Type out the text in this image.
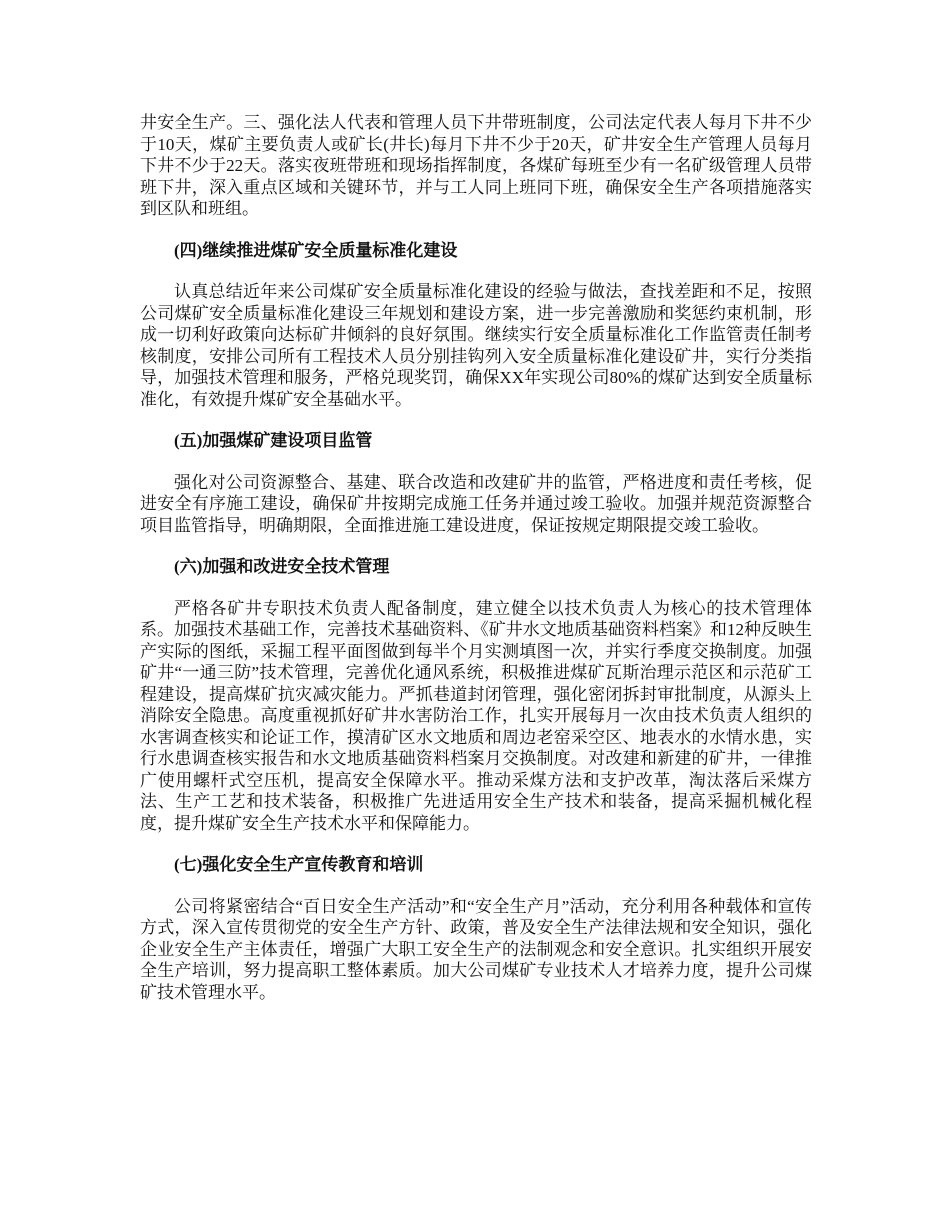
井安全生产。三、强化法人代表和管理人员下井带班制度，公司法定代表人每月下井不少于10天，煤矿主要负责人或矿长(井长)每月下井不少于20天，矿井安全生产管理人员每月下井不少于22天。落实夜班带班和现场指挥制度，各煤矿每班至少有一名矿级管理人员带班下井，深入重点区域和关键环节，并与工人同上班同下班，确保安全生产各项措施落实到区队和班组。

(四)继续推进煤矿安全质量标准化建设

认真总结近年来公司煤矿安全质量标准化建设的经验与做法，查找差距和不足，按照公司煤矿安全质量标准化建设三年规划和建设方案，进一步完善激励和奖惩约束机制，形成一切利好政策向达标矿井倾斜的良好氛围。继续实行安全质量标准化工作监管责任制考核制度，安排公司所有工程技术人员分别挂钩列入安全质量标准化建设矿井，实行分类指导，加强技术管理和服务，严格兑现奖罚，确保XX年实现公司80%的煤矿达到安全质量标准化，有效提升煤矿安全基础水平。

(五)加强煤矿建设项目监管

强化对公司资源整合、基建、联合改造和改建矿井的监管，严格进度和责任考核，促进安全有序施工建设，确保矿井按期完成施工任务并通过竣工验收。加强并规范资源整合项目监管指导，明确期限，全面推进施工建设进度，保证按规定期限提交竣工验收。

(六)加强和改进安全技术管理

严格各矿井专职技术负责人配备制度，建立健全以技术负责人为核心的技术管理体系。加强技术基础工作，完善技术基础资料、《矿井水文地质基础资料档案》和12种反映生产实际的图纸，采掘工程平面图做到每半个月实测填图一次，并实行季度交换制度。加强矿井“一通三防”技术管理，完善优化通风系统，积极推进煤矿瓦斯治理示范区和示范矿工程建设，提高煤矿抗灾减灾能力。严抓巷道封闭管理，强化密闭拆封审批制度，从源头上消除安全隐患。高度重视抓好矿井水害防治工作，扎实开展每月一次由技术负责人组织的水害调查核实和论证工作，摸清矿区水文地质和周边老窑采空区、地表水的水情水患，实行水患调查核实报告和水文地质基础资料档案月交换制度。对改建和新建的矿井，一律推广使用螺杆式空压机，提高安全保障水平。推动采煤方法和支护改革，淘汰落后采煤方法、生产工艺和技术装备，积极推广先进适用安全生产技术和装备，提高采掘机械化程度，提升煤矿安全生产技术水平和保障能力。

(七)强化安全生产宣传教育和培训

公司将紧密结合“百日安全生产活动”和“安全生产月”活动，充分利用各种载体和宣传方式，深入宣传贯彻党的安全生产方针、政策，普及安全生产法律法规和安全知识，强化企业安全生产主体责任，增强广大职工安全生产的法制观念和安全意识。扎实组织开展安全生产培训，努力提高职工整体素质。加大公司煤矿专业技术人才培养力度，提升公司煤矿技术管理水平。
